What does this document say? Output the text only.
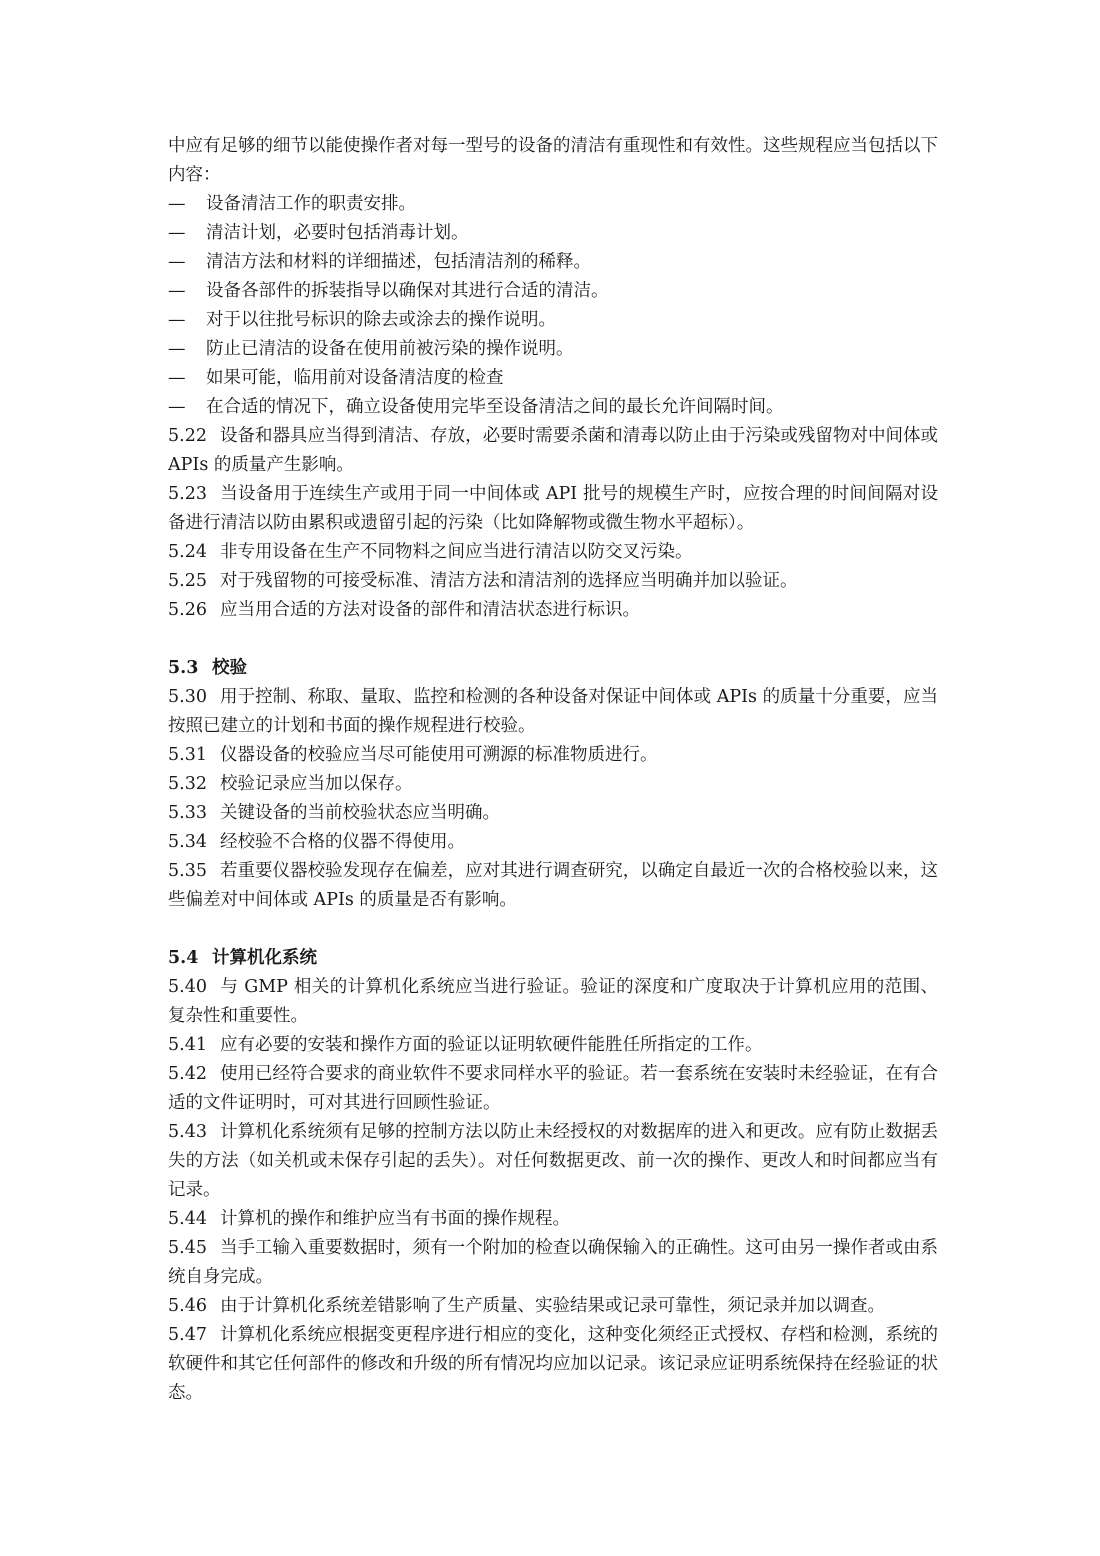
中应有足够的细节以能使操作者对每一型号的设备的清洁有重现性和有效性。这些规程应当包括以下内容：

—	设备清洁工作的职责安排。
—	清洁计划，必要时包括消毒计划。
—	清洁方法和材料的详细描述，包括清洁剂的稀释。
—	设备各部件的拆装指导以确保对其进行合适的清洁。
—	对于以往批号标识的除去或涂去的操作说明。
—	防止已清洁的设备在使用前被污染的操作说明。
—	如果可能，临用前对设备清洁度的检查
—	在合适的情况下，确立设备使用完毕至设备清洁之间的最长允许间隔时间。

5.22 设备和器具应当得到清洁、存放，必要时需要杀菌和清毒以防止由于污染或残留物对中间体或 APIs 的质量产生影响。

5.23 当设备用于连续生产或用于同一中间体或 API 批号的规模生产时，应按合理的时间间隔对设备进行清洁以防由累积或遗留引起的污染（比如降解物或微生物水平超标）。

5.24 非专用设备在生产不同物料之间应当进行清洁以防交叉污染。

5.25 对于残留物的可接受标准、清洁方法和清洁剂的选择应当明确并加以验证。

5.26 应当用合适的方法对设备的部件和清洁状态进行标识。

5.3 校验

5.30 用于控制、称取、量取、监控和检测的各种设备对保证中间体或 APIs 的质量十分重要，应当按照已建立的计划和书面的操作规程进行校验。

5.31 仪器设备的校验应当尽可能使用可溯源的标准物质进行。

5.32 校验记录应当加以保存。

5.33 关键设备的当前校验状态应当明确。

5.34 经校验不合格的仪器不得使用。

5.35 若重要仪器校验发现存在偏差，应对其进行调查研究，以确定自最近一次的合格校验以来，这些偏差对中间体或 APIs 的质量是否有影响。

5.4 计算机化系统

5.40 与 GMP 相关的计算机化系统应当进行验证。验证的深度和广度取决于计算机应用的范围、复杂性和重要性。

5.41 应有必要的安装和操作方面的验证以证明软硬件能胜任所指定的工作。

5.42 使用已经符合要求的商业软件不要求同样水平的验证。若一套系统在安装时未经验证，在有合适的文件证明时，可对其进行回顾性验证。

5.43 计算机化系统须有足够的控制方法以防止未经授权的对数据库的进入和更改。应有防止数据丢失的方法（如关机或未保存引起的丢失）。对任何数据更改、前一次的操作、更改人和时间都应当有记录。

5.44 计算机的操作和维护应当有书面的操作规程。

5.45 当手工输入重要数据时，须有一个附加的检查以确保输入的正确性。这可由另一操作者或由系统自身完成。

5.46 由于计算机化系统差错影响了生产质量、实验结果或记录可靠性，须记录并加以调查。

5.47 计算机化系统应根据变更程序进行相应的变化，这种变化须经正式授权、存档和检测，系统的软硬件和其它任何部件的修改和升级的所有情况均应加以记录。该记录应证明系统保持在经验证的状态。
